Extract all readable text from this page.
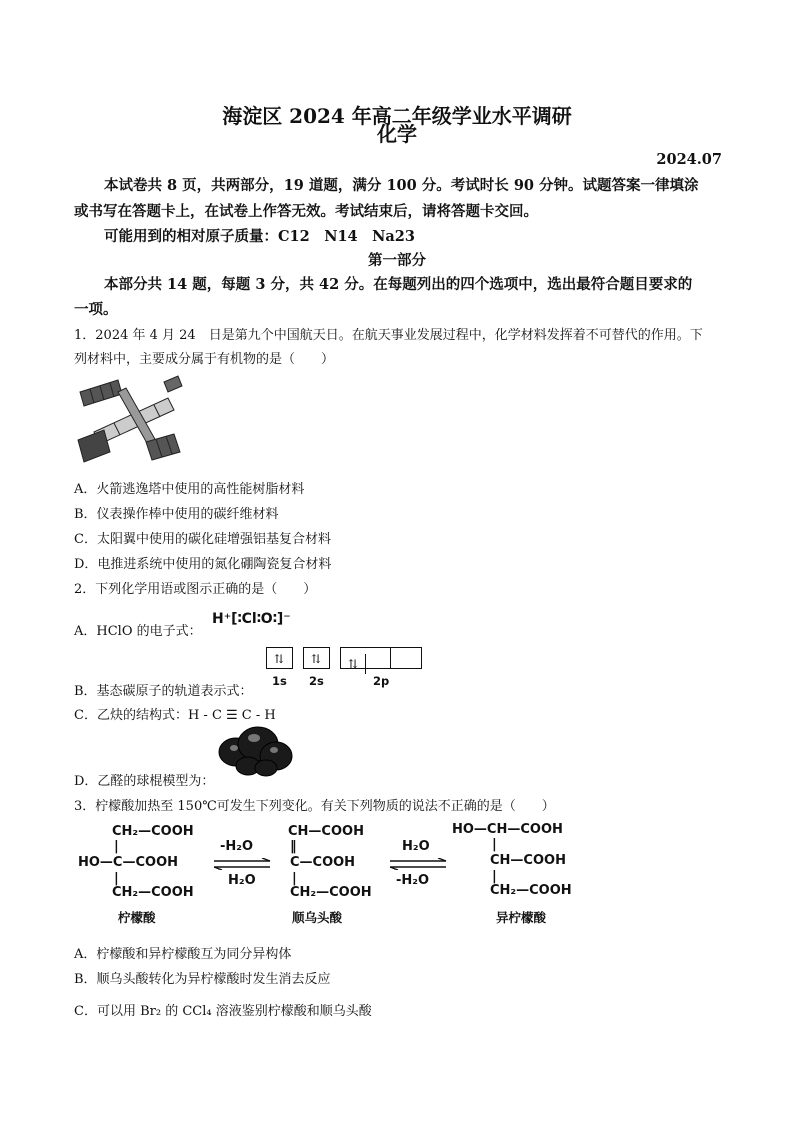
海淀区 2024 年高二年级学业水平调研
化学
2024.07
本试卷共 8 页，共两部分，19 道题，满分 100 分。考试时长 90 分钟。试题答案一律填涂
或书写在答题卡上，在试卷上作答无效。考试结束后，请将答题卡交回。
可能用到的相对原子质量：C12　N14　Na23
第一部分
本部分共 14 题，每题 3 分，共 42 分。在每题列出的四个选项中，选出最符合题目要求的
一项。
1．2024 年 4 月 24　日是第九个中国航天日。在航天事业发展过程中，化学材料发挥着不可替代的作用。下
列材料中，主要成分属于有机物的是（　　）
A．火箭逃逸塔中使用的高性能树脂材料
B．仪表操作棒中使用的碳纤维材料
C．太阳翼中使用的碳化硅增强铝基复合材料
D．电推进系统中使用的氮化硼陶瓷复合材料
2．下列化学用语或图示正确的是（　　）
A．HClO 的电子式：
H⁺[∶Cl∶O∶]⁻
⇅	⇅	⇅
1s 2s	2p
B．基态碳原子的轨道表示式：
C．乙炔的结构式：H - C ☰ C - H
D．乙醛的球棍模型为：
3．柠檬酸加热至 150℃可发生下列变化。有关下列物质的说法不正确的是（　　）
CH₂—COOH
|
HO—C—COOH
|
CH₂—COOH
柠檬酸
-H₂O
H₂O
CH—COOH
‖
C—COOH
|
CH₂—COOH
顺乌头酸
H₂O
-H₂O
HO—CH—COOH
|
CH—COOH
|
CH₂—COOH
异柠檬酸
A．柠檬酸和异柠檬酸互为同分异构体
B．顺乌头酸转化为异柠檬酸时发生消去反应
C．可以用 Br₂ 的 CCl₄ 溶液鉴别柠檬酸和顺乌头酸
